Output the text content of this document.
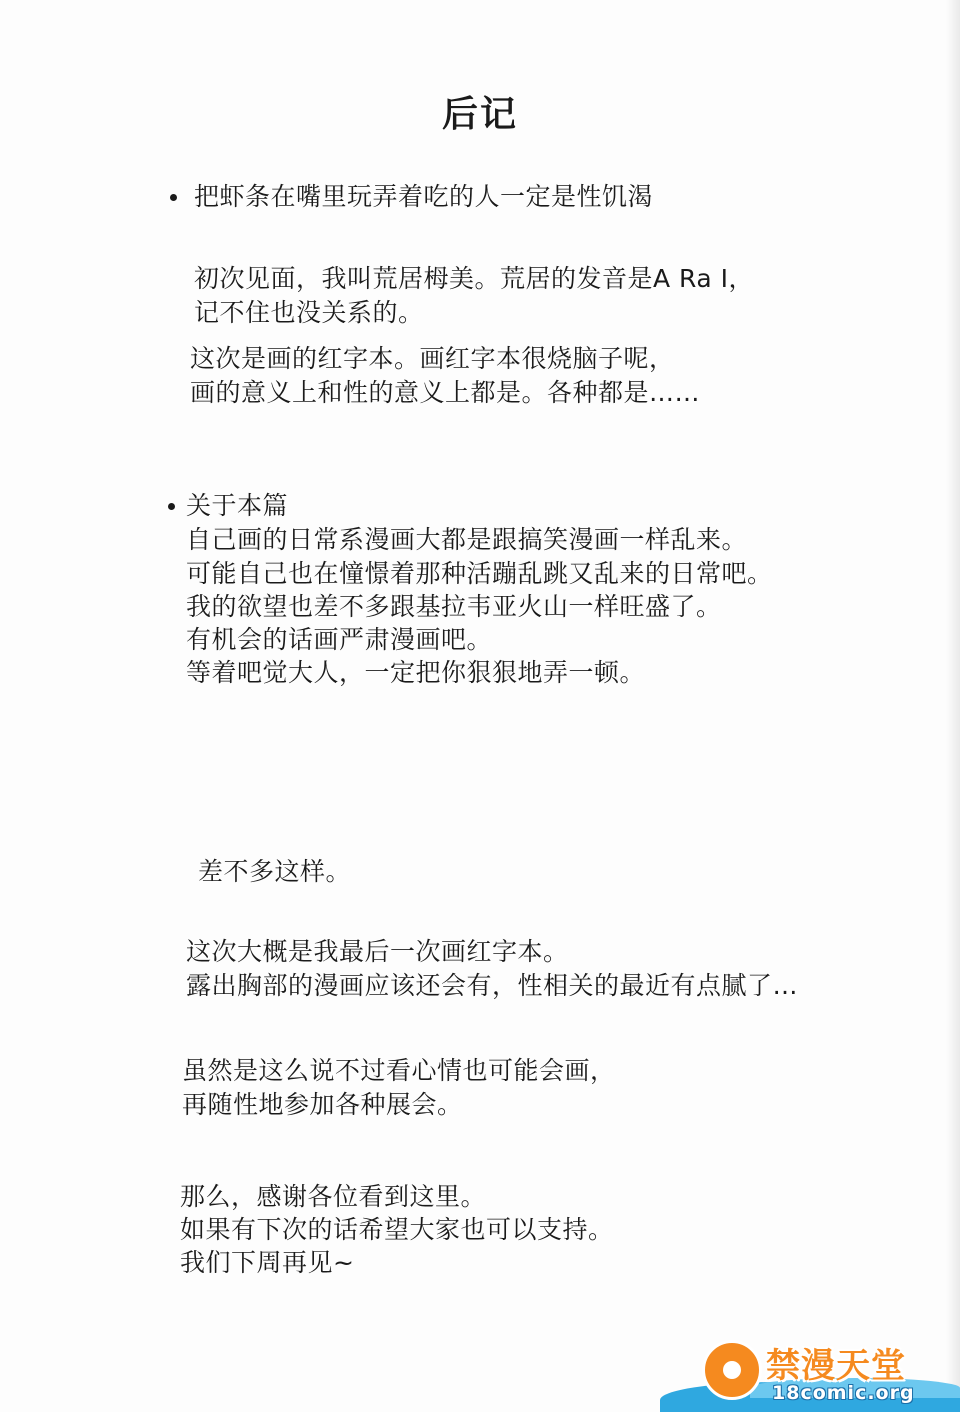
后记
把虾条在嘴里玩弄着吃的人一定是性饥渴
初次见面，我叫荒居栂美。荒居的发音是A Ra I，
记不住也没关系的。
这次是画的红字本。画红字本很烧脑子呢，
画的意义上和性的意义上都是。各种都是……
关于本篇
自己画的日常系漫画大都是跟搞笑漫画一样乱来。
可能自己也在憧憬着那种活蹦乱跳又乱来的日常吧。
我的欲望也差不多跟基拉韦亚火山一样旺盛了。
有机会的话画严肃漫画吧。
等着吧觉大人，一定把你狠狠地弄一顿。
差不多这样。
这次大概是我最后一次画红字本。
露出胸部的漫画应该还会有，性相关的最近有点腻了…
虽然是这么说不过看心情也可能会画，
再随性地参加各种展会。
那么，感谢各位看到这里。
如果有下次的话希望大家也可以支持。
我们下周再见~
禁漫天堂
18comic.org
